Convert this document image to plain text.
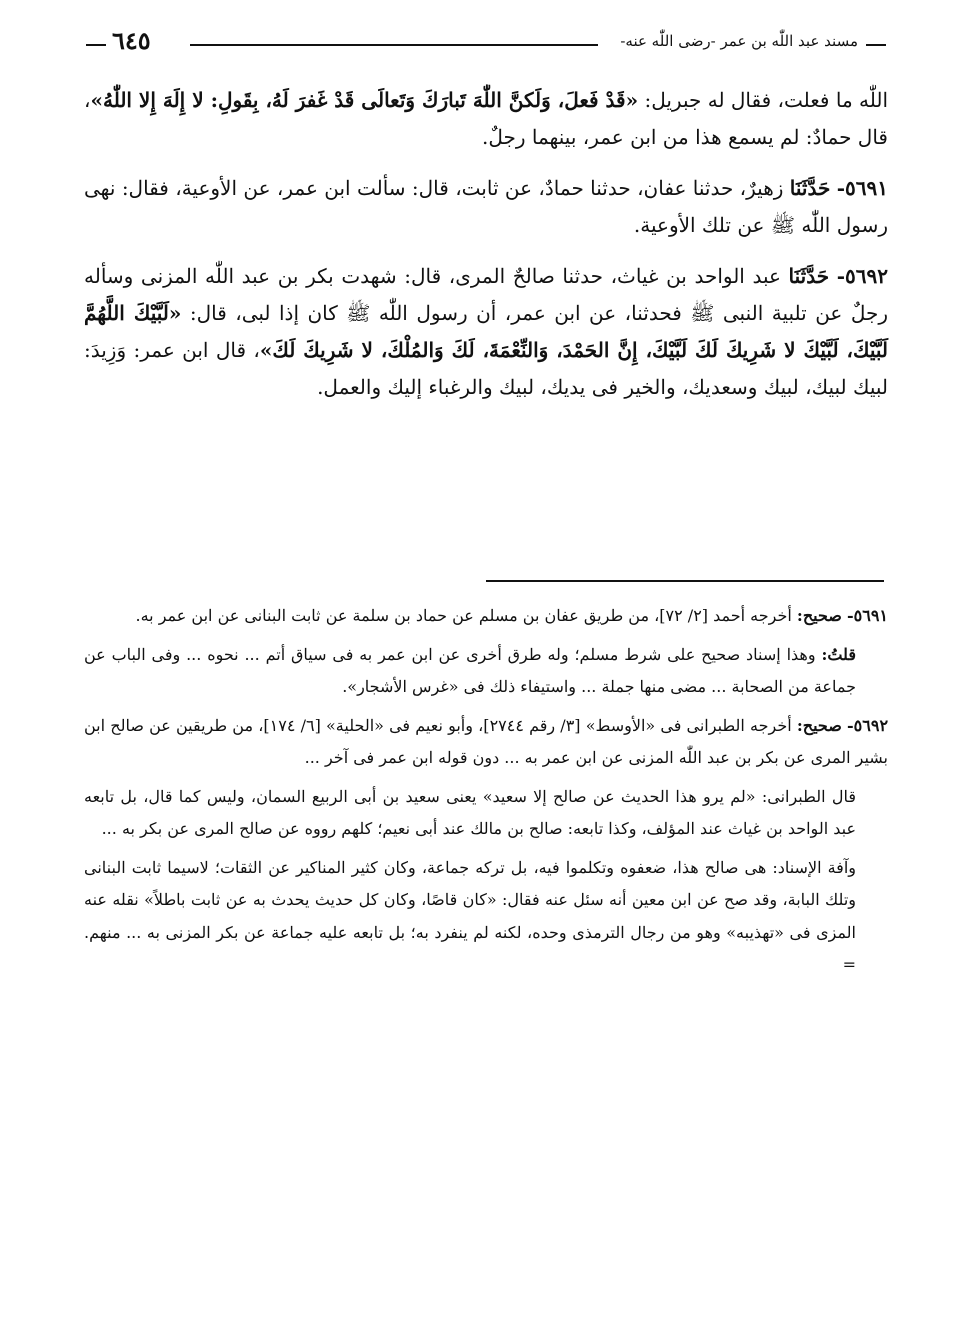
مسند عبد اللّٰه بن عمر -رضى اللّٰه عنه-
٦٤٥

اللّٰه ما فعلت، فقال له جبريل: «قَدْ فَعلَ، وَلَكنَّ اللّٰهَ تَبارَكَ وَتَعالَى قَدْ غَفرَ لَهُ، بِقَولِ: لا إِلَهَ إِلا اللّٰهُ»، قال حمادٌ: لم يسمع هذا من ابن عمر، بينهما رجلٌ.

٥٦٩١- حَدَّثَنَا زهيرٌ، حدثنا عفان، حدثنا حمادٌ، عن ثابت، قال: سألت ابن عمر، عن الأوعية، فقال: نهى رسول اللّٰه ﷺ عن تلك الأوعية.

٥٦٩٢- حَدَّثَنَا عبد الواحد بن غياث، حدثنا صالحٌ المرى، قال: شهدت بكر بن عبد اللّٰه المزنى وسأله رجلٌ عن تلبية النبى ﷺ فحدثنا، عن ابن عمر، أن رسول اللّٰه ﷺ كان إذا لبى، قال: «لَبَّيْكَ اللَّهُمَّ لَبَّيْكَ، لَبَّيْكَ لا شَرِيكَ لَكَ لَبَّيْكَ، إِنَّ الحَمْدَ، وَالنِّعْمَةَ، لَكَ وَالمُلْكَ، لا شَرِيكَ لَكَ»، قال ابن عمر: وَزِيدَ: لبيك لبيك، لبيك وسعديك، والخير فى يديك، لبيك والرغباء إليك والعمل.

٥٦٩١- صحيح: أخرجه أحمد [٢/ ٧٢]، من طريق عفان بن مسلم عن حماد بن سلمة عن ثابت البنانى عن ابن عمر به.

قلتُ: وهذا إسناد صحيح على شرط مسلم؛ وله طرق أخرى عن ابن عمر به فى سياق أتم ... نحوه ... وفى الباب عن جماعة من الصحابة ... مضى منها جملة ... واستيفاء ذلك فى «غرس الأشجار».

٥٦٩٢- صحيح: أخرجه الطبرانى فى «الأوسط» [٣/ رقم ٢٧٤٤]، وأبو نعيم فى «الحلية» [٦/ ١٧٤]، من طريقين عن صالح ابن بشير المرى عن بكر بن عبد اللّٰه المزنى عن ابن عمر به ... دون قوله ابن عمر فى آخر ...

قال الطبرانى: «لم يرو هذا الحديث عن صالح إلا سعيد» يعنى سعيد بن أبى الربيع السمان، وليس كما قال، بل تابعه عبد الواحد بن غياث عند المؤلف، وكذا تابعه: صالح بن مالك عند أبى نعيم؛ كلهم رووه عن صالح المرى عن بكر به ...

وآفة الإسناد: هى صالح هذا، ضعفوه وتكلموا فيه، بل تركه جماعة، وكان كثير المناكير عن الثقات؛ لاسيما ثابت البنانى وتلك البابة، وقد صح عن ابن معين أنه سئل عنه فقال: «كان قاصًا، وكان كل حديث يحدث به عن ثابت باطلاً» نقله عنه المزى فى «تهذيبه» وهو من رجال الترمذى وحده، لكنه لم ينفرد به؛ بل تابعه عليه جماعة عن بكر المزنى به ... منهم. =
